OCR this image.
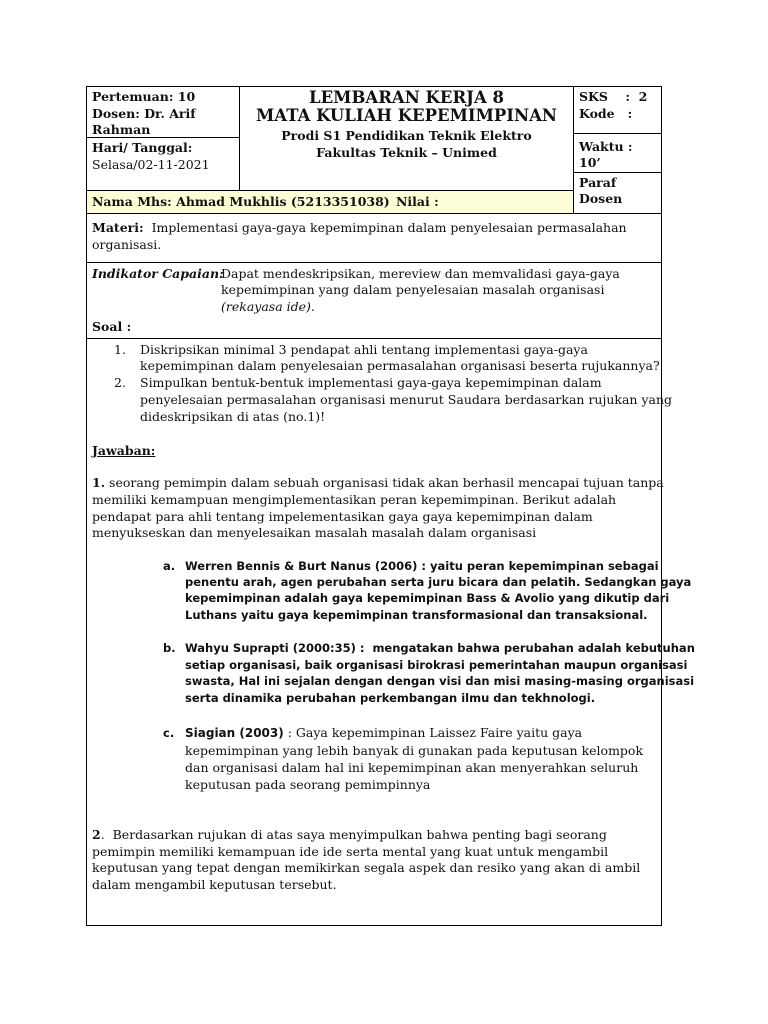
Pertemuan: 10
Dosen: Dr. Arif
Rahman
Hari/ Tanggal:
Selasa/02-11-2021
LEMBARAN KERJA 8
MATA KULIAH KEPEMIMPINAN
Prodi S1 Pendidikan Teknik Elektro
Fakultas Teknik – Unimed
SKS    :  2
Kode   :
Waktu :
10’
Paraf
Dosen
Nama Mhs: Ahmad Mukhlis (5213351038) Nilai :
Materi: Implementasi gaya-gaya kepemimpinan dalam penyelesaian permasalahan
organisasi.
Indikator Capaian:
Dapat mendeskripsikan, mereview dan memvalidasi gaya-gaya
kepemimpinan yang dalam penyelesaian masalah organisasi
(rekayasa ide).
Soal :
1. Diskripsikan minimal 3 pendapat ahli tentang implementasi gaya-gaya
kepemimpinan dalam penyelesaian permasalahan organisasi beserta rujukannya?
2. Simpulkan bentuk-bentuk implementasi gaya-gaya kepemimpinan dalam
penyelesaian permasalahan organisasi menurut Saudara berdasarkan rujukan yang
dideskripsikan di atas (no.1)!
Jawaban:
1. seorang pemimpin dalam sebuah organisasi tidak akan berhasil mencapai tujuan tanpa
memiliki kemampuan mengimplementasikan peran kepemimpinan. Berikut adalah
pendapat para ahli tentang impelementasikan gaya gaya kepemimpinan dalam
menyukseskan dan menyelesaikan masalah masalah dalam organisasi
a. Werren Bennis & Burt Nanus (2006) : yaitu peran kepemimpinan sebagai
penentu arah, agen perubahan serta juru bicara dan pelatih. Sedangkan gaya
kepemimpinan adalah gaya kepemimpinan Bass & Avolio yang dikutip dari
Luthans yaitu gaya kepemimpinan transformasional dan transaksional.
b. Wahyu Suprapti (2000:35) :  mengatakan bahwa perubahan adalah kebutuhan
setiap organisasi, baik organisasi birokrasi pemerintahan maupun organisasi
swasta, Hal ini sejalan dengan dengan visi dan misi masing-masing organisasi
serta dinamika perubahan perkembangan ilmu dan tekhnologi.
c. Siagian (2003) : Gaya kepemimpinan Laissez Faire yaitu gaya
kepemimpinan yang lebih banyak di gunakan pada keputusan kelompok
dan organisasi dalam hal ini kepemimpinan akan menyerahkan seluruh
keputusan pada seorang pemimpinnya
2.  Berdasarkan rujukan di atas saya menyimpulkan bahwa penting bagi seorang
pemimpin memiliki kemampuan ide ide serta mental yang kuat untuk mengambil
keputusan yang tepat dengan memikirkan segala aspek dan resiko yang akan di ambil
dalam mengambil keputusan tersebut.
